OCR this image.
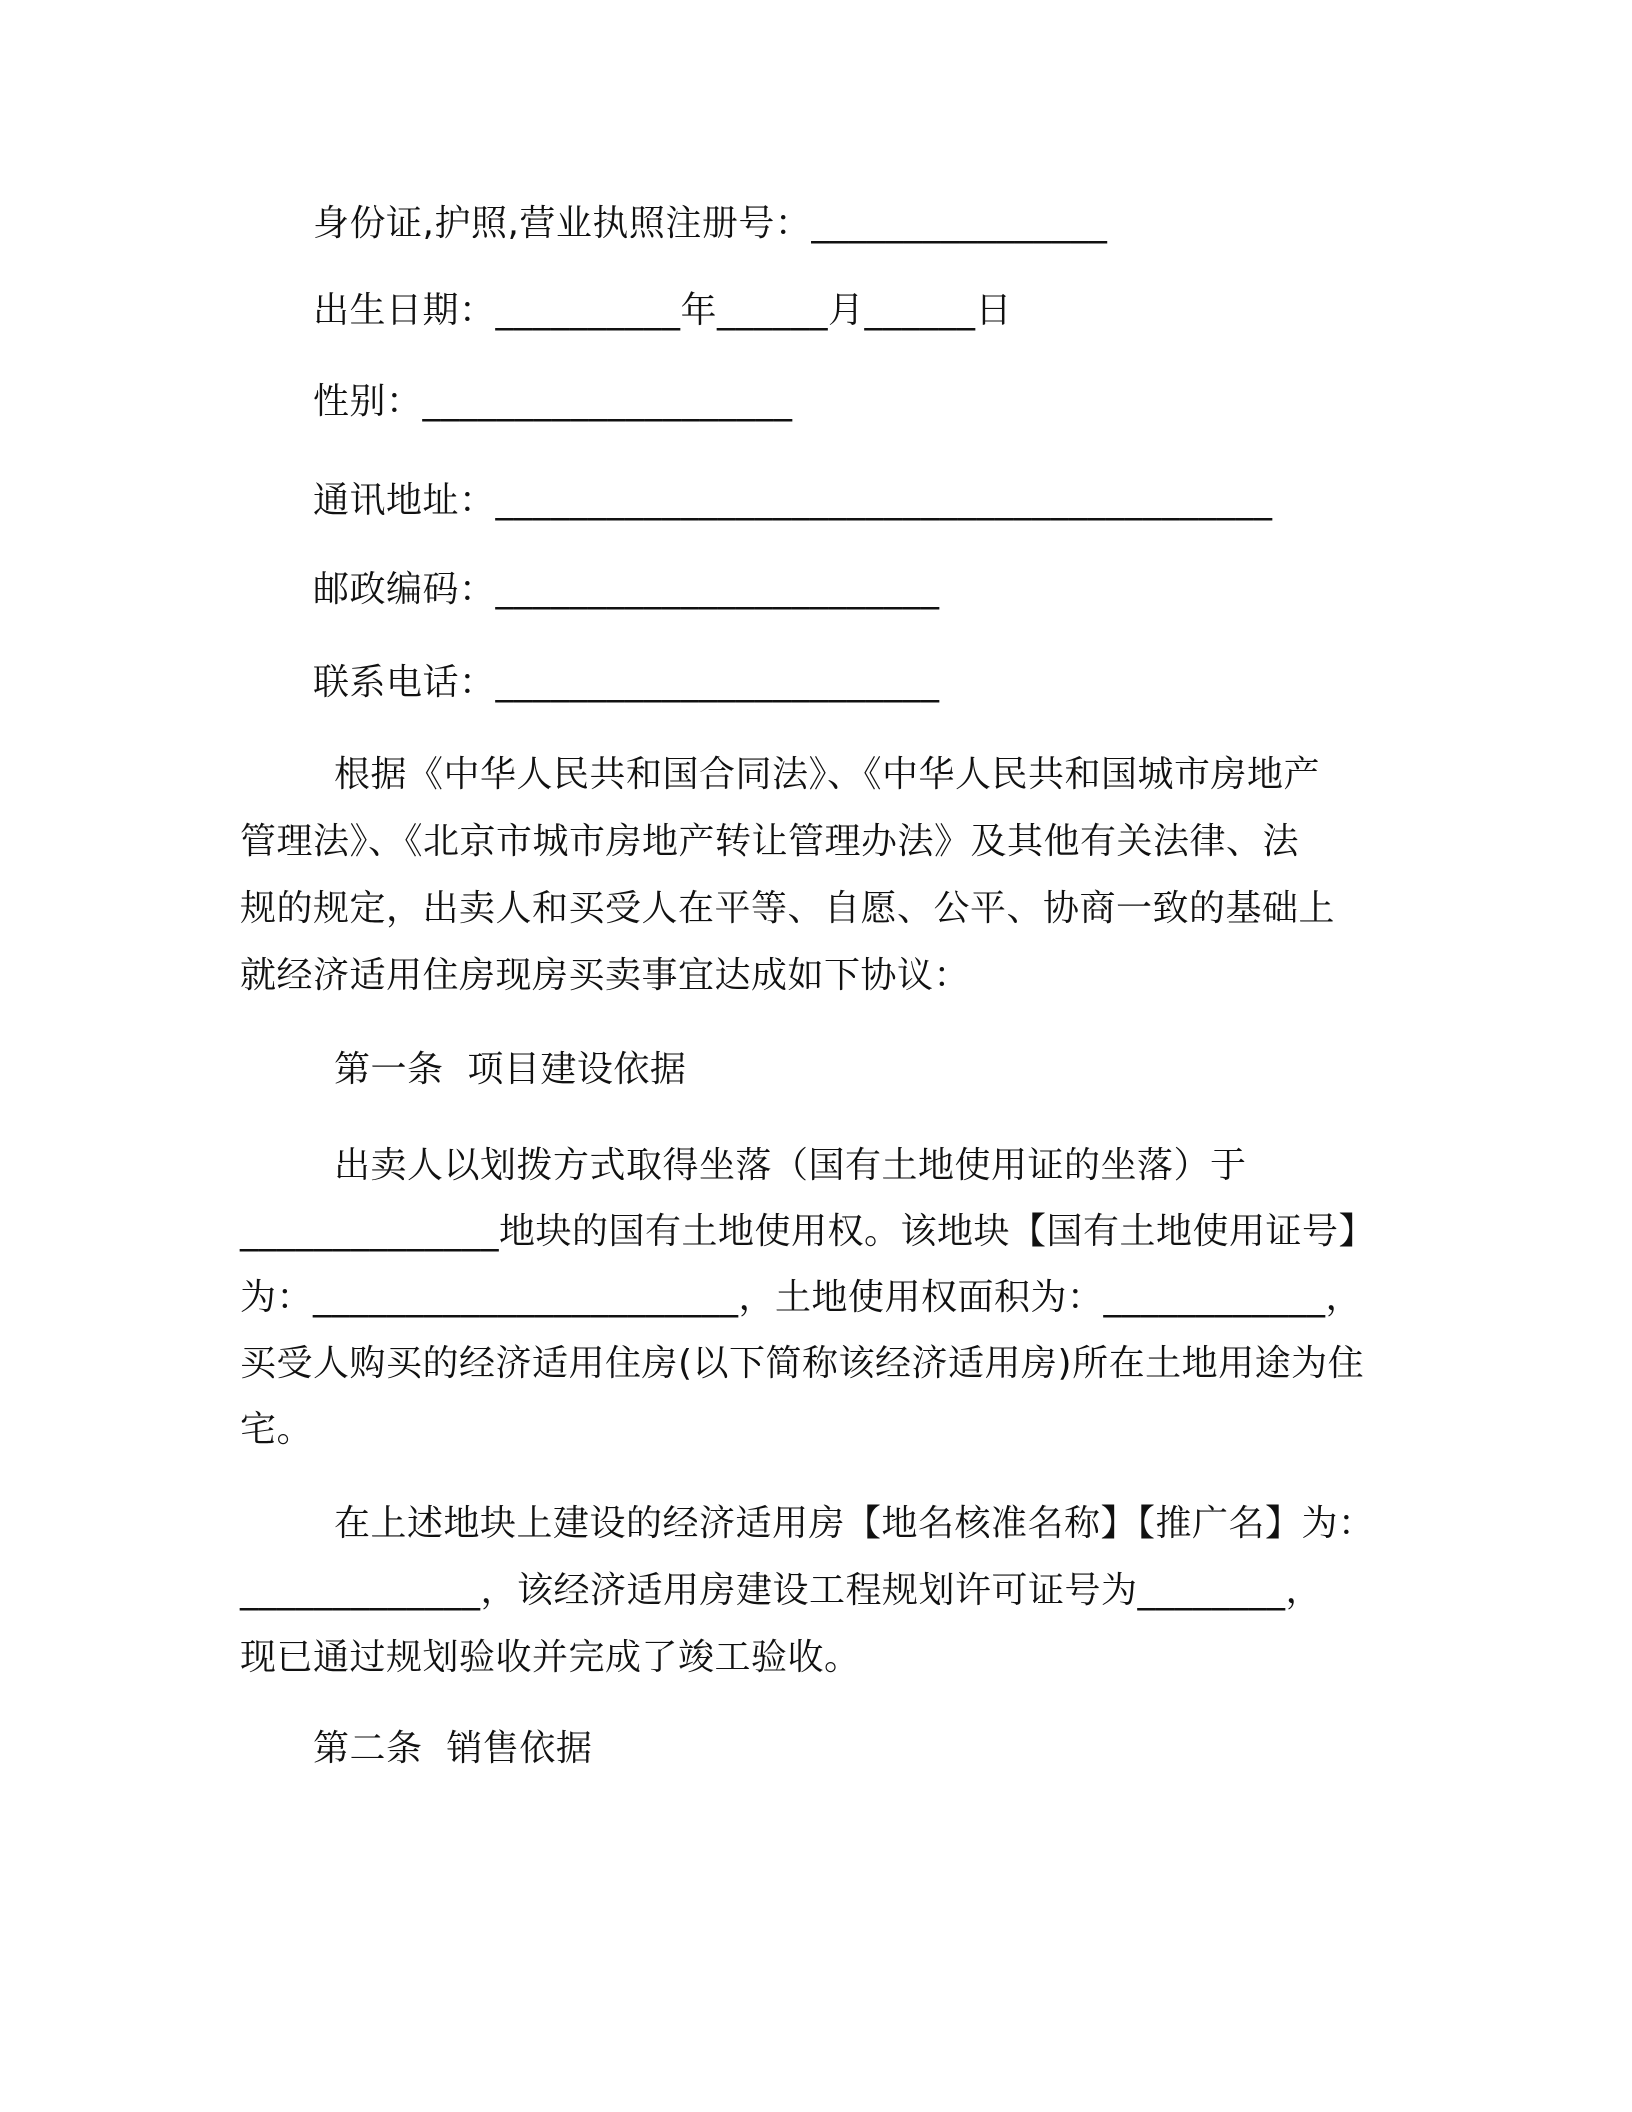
身份证,护照,营业执照注册号：________________
出生日期：__________年______月______日
性别：____________________
通讯地址：__________________________________________
邮政编码：________________________
联系电话：________________________
根据《中华人民共和国合同法》、《中华人民共和国城市房地产
管理法》、《北京市城市房地产转让管理办法》及其他有关法律、法
规的规定，出卖人和买受人在平等、自愿、公平、协商一致的基础上
就经济适用住房现房买卖事宜达成如下协议：
第一条  项目建设依据
出卖人以划拨方式取得坐落（国有土地使用证的坐落）于
______________地块的国有土地使用权。该地块【国有土地使用证号】
为：_______________________，土地使用权面积为：____________，
买受人购买的经济适用住房(以下简称该经济适用房)所在土地用途为住
宅。
在上述地块上建设的经济适用房【地名核准名称】【推广名】为：
_____________，该经济适用房建设工程规划许可证号为________，
现已通过规划验收并完成了竣工验收。
第二条  销售依据
